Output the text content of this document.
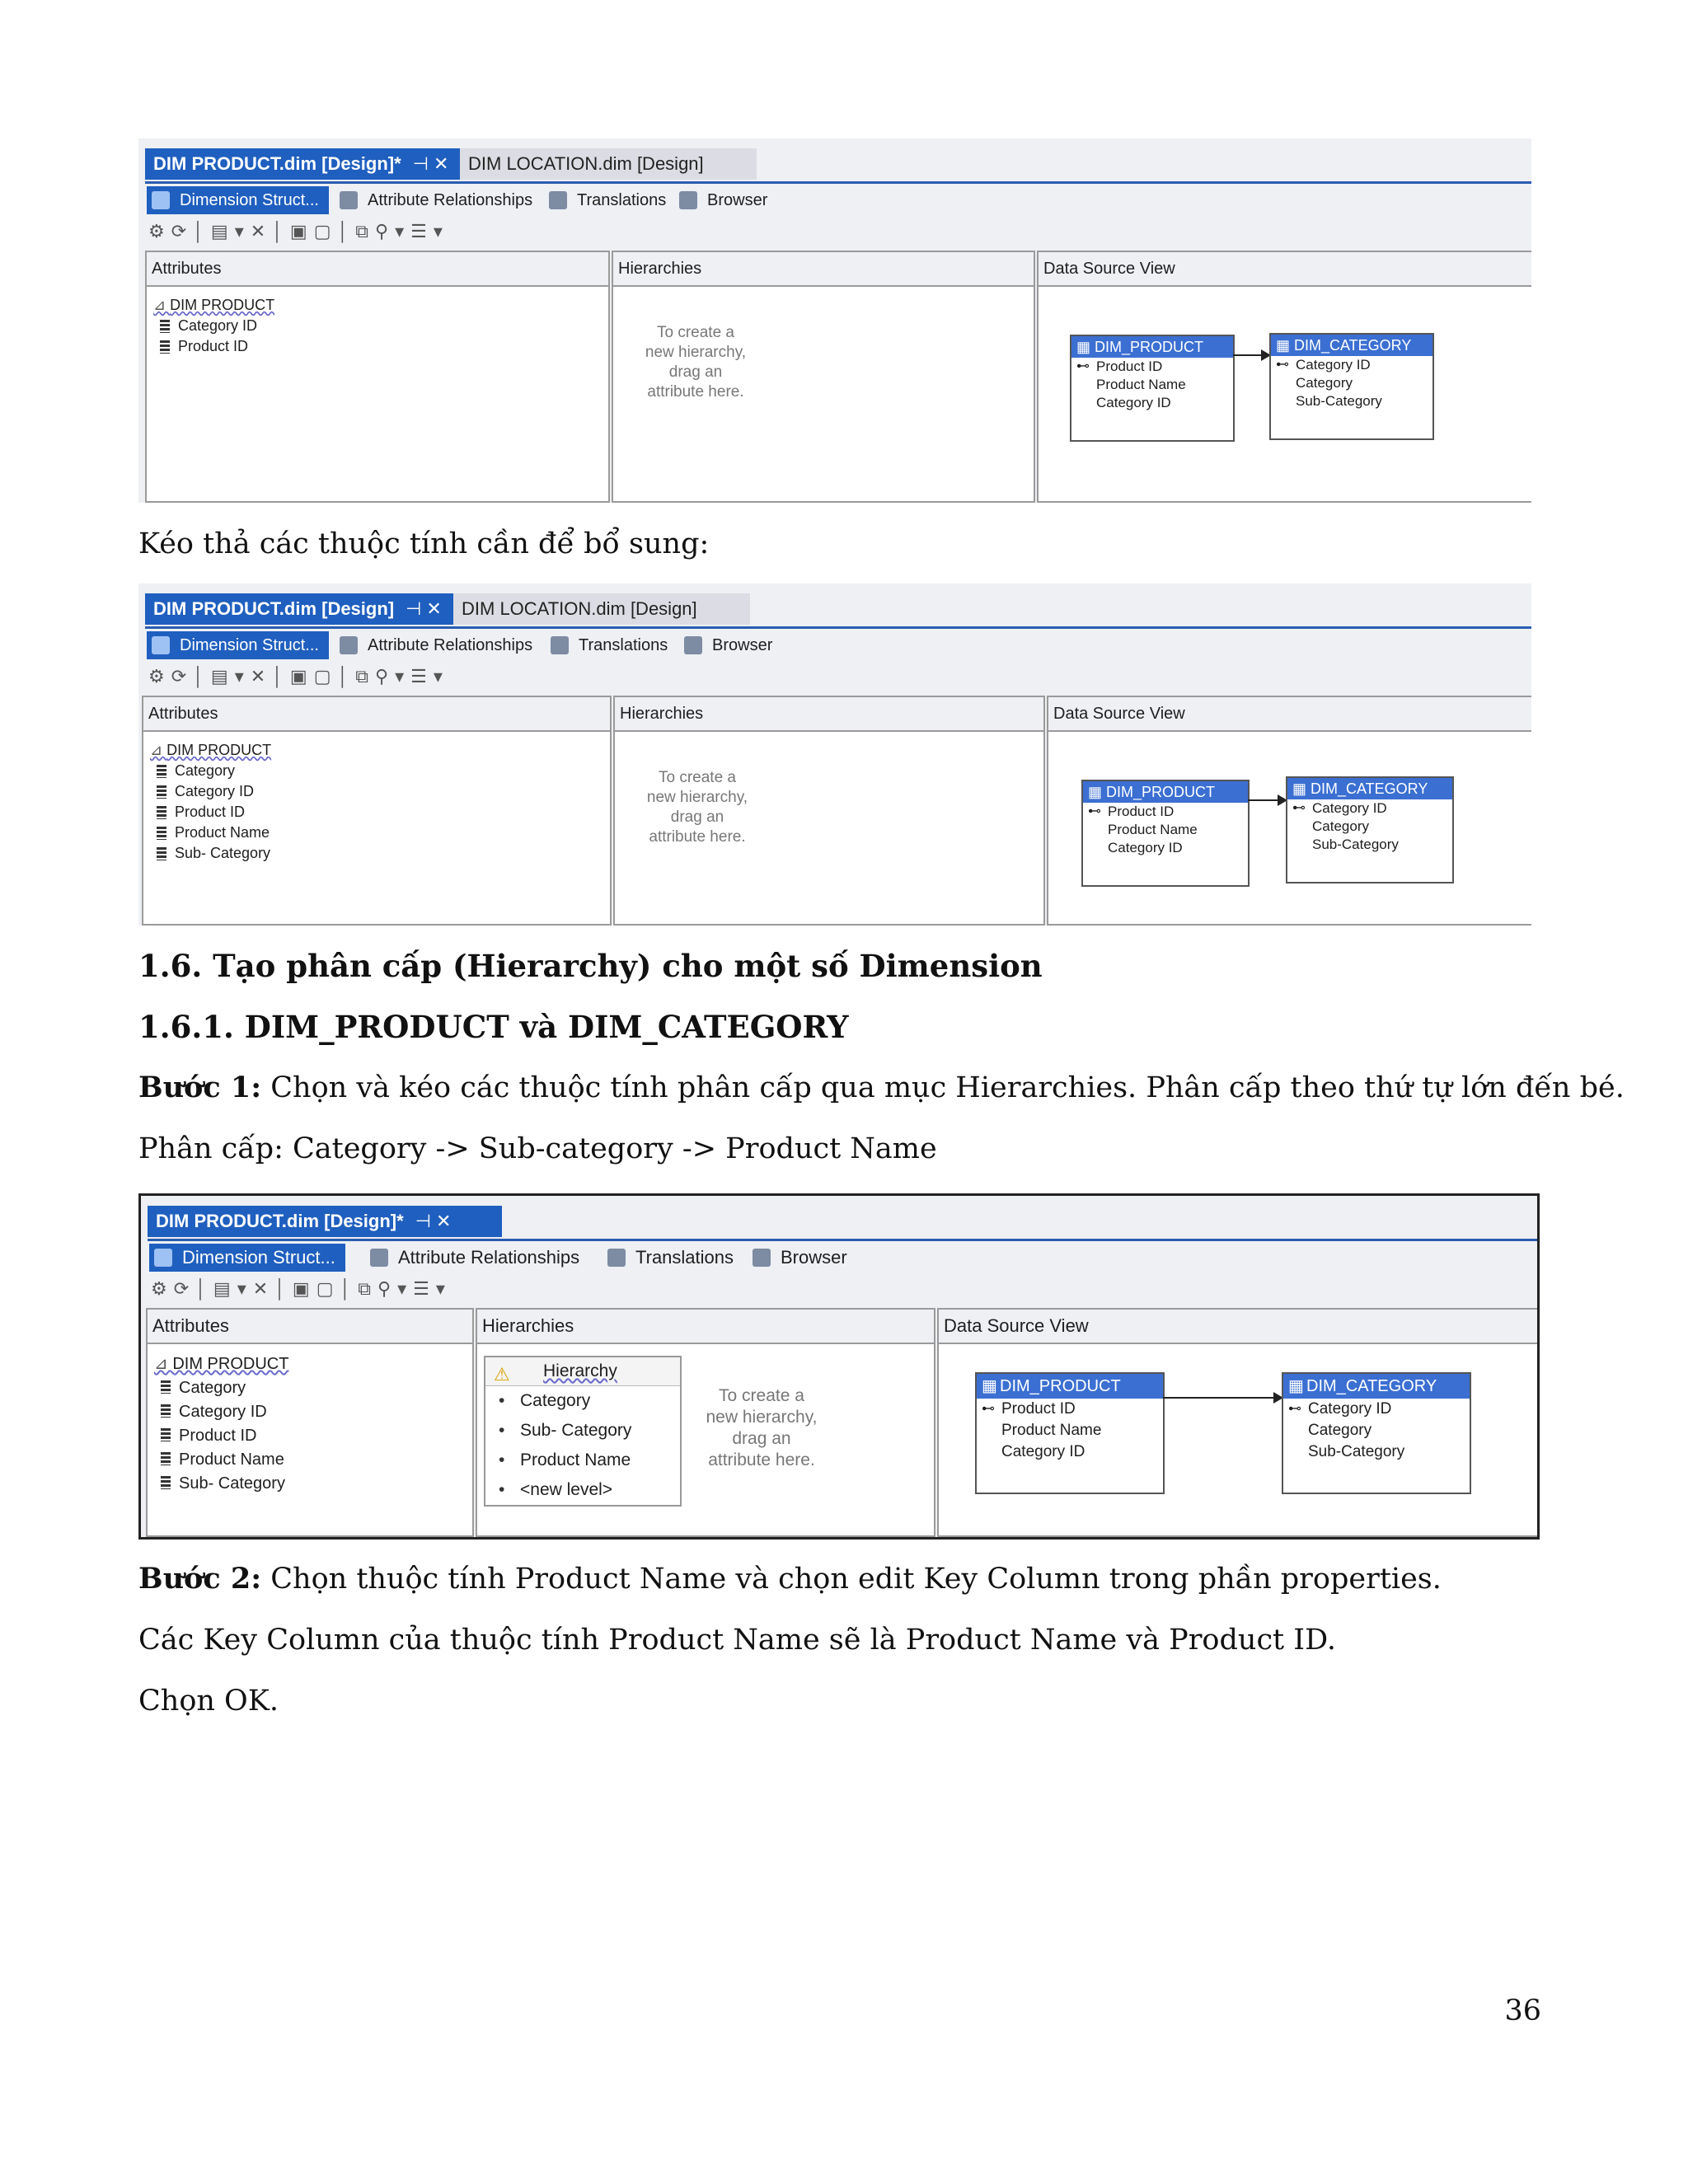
DIM PRODUCT.dim [Design]* ⊣ ✕	DIM LOCATION.dim [Design]
Dimension Struct...	Attribute Relationships	Translations	Browser
⚙⟳│▤▾✕│▣▢│⧉⚲▾☰▾
Attributes
⊿ DIM PRODUCT
Category ID
Product ID
Hierarchies
To create a
new hierarchy,
drag an
attribute here.
Data Source View
▦ DIM_PRODUCT
⊷ Product ID
Product Name
Category ID
▦ DIM_CATEGORY
⊷ Category ID
Category
Sub-Category
Kéo thả các thuộc tính cần để bổ sung:
DIM PRODUCT.dim [Design] ⊣ ✕	DIM LOCATION.dim [Design]
Dimension Struct...	Attribute Relationships	Translations	Browser
⚙⟳│▤▾✕│▣▢│⧉⚲▾☰▾
Attributes
⊿ DIM PRODUCT
Category
Category ID
Product ID
Product Name
Sub- Category
Hierarchies
To create a
new hierarchy,
drag an
attribute here.
Data Source View
▦ DIM_PRODUCT
⊷ Product ID
Product Name
Category ID
▦ DIM_CATEGORY
⊷ Category ID
Category
Sub-Category
1.6. Tạo phân cấp (Hierarchy) cho một số Dimension
1.6.1. DIM_PRODUCT và DIM_CATEGORY
Bước 1: Chọn và kéo các thuộc tính phân cấp qua mục Hierarchies. Phân cấp theo thứ tự lớn đến bé.
Phân cấp: Category -> Sub-category -> Product Name
DIM PRODUCT.dim [Design]* ⊣ ✕
Dimension Struct...	Attribute Relationships	Translations	Browser
⚙⟳│▤▾✕│▣▢│⧉⚲▾☰▾
Attributes
⊿ DIM PRODUCT
Category
Category ID
Product ID
Product Name
Sub- Category
Hierarchies
⚠ Hierarchy
• Category
• Sub- Category
• Product Name
• <new level>
To create a
new hierarchy,
drag an
attribute here.
Data Source View
▦ DIM_PRODUCT
⊷ Product ID
Product Name
Category ID
▦ DIM_CATEGORY
⊷ Category ID
Category
Sub-Category
Bước 2: Chọn thuộc tính Product Name và chọn edit Key Column trong phần properties.
Các Key Column của thuộc tính Product Name sẽ là Product Name và Product ID.
Chọn OK.
36
